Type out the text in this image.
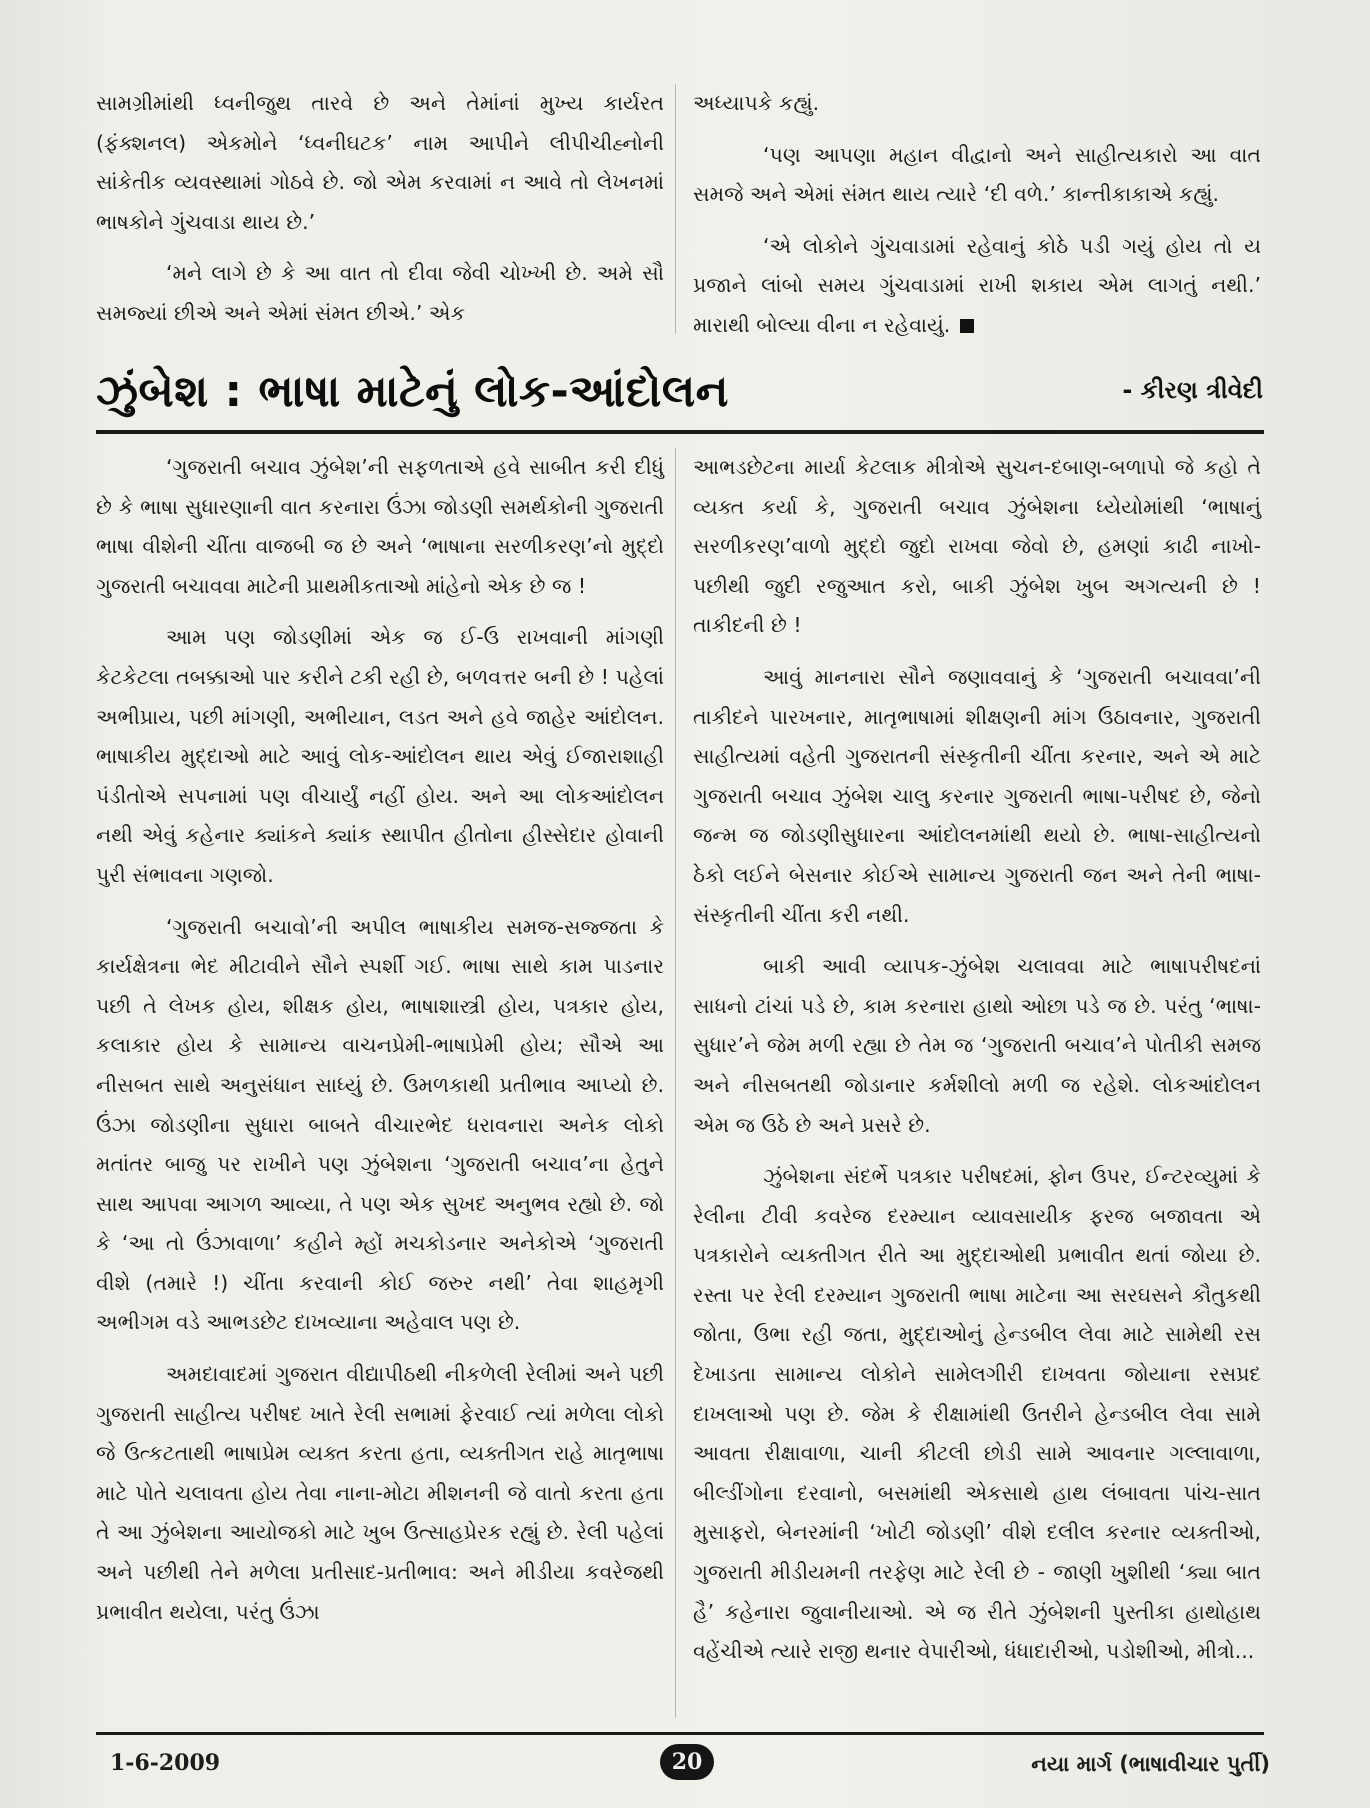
સામગ્રીમાંથી ધ્વનીજુથ તારવે છે અને તેમાંનાં મુખ્ય કાર્યરત (ફંક્શનલ) એકમોને ‘ધ્વનીઘટક’ નામ આપીને લીપીચીહ્નોની સાંકેતીક વ્યવસ્થામાં ગોઠવે છે. જો એમ કરવામાં ન આવે તો લેખનમાં ભાષકોને ગુંચવાડા થાય છે.’

‘મને લાગે છે કે આ વાત તો દીવા જેવી ચોખ્ખી છે. અમે સૌ સમજ્યાં છીએ અને એમાં સંમત છીએ.’ એક

અધ્યાપકે કહ્યું.

‘પણ આપણા મહાન વીદ્વાનો અને સાહીત્યકારો આ વાત સમજે અને એમાં સંમત થાય ત્યારે ‘દી વળે.’ કાન્તીકાકાએ કહ્યું.

‘એ લોકોને ગુંચવાડામાં રહેવાનું કોઠે પડી ગયું હોય તો ય પ્રજાને લાંબો સમય ગુંચવાડામાં રાખી શકાય એમ લાગતું નથી.’ મારાથી બોલ્યા વીના ન રહેવાયું.

ઝુંબેશ : ભાષા માટેનું લોક-આંદોલન	- કીરણ ત્રીવેદી

‘ગુજરાતી બચાવ ઝુંબેશ’ની સફળતાએ હવે સાબીત કરી દીધું છે કે ભાષા સુધારણાની વાત કરનારા ઉંઝા જોડણી સમર્થકોની ગુજરાતી ભાષા વીશેની ચીંતા વાજબી જ છે અને ‘ભાષાના સરળીકરણ’નો મુદ્દો ગુજરાતી બચાવવા માટેની પ્રાથમીકતાઓ માંહેનો એક છે જ !

આમ પણ જોડણીમાં એક જ ઈ-ઉ રાખવાની માંગણી કેટકેટલા તબક્કાઓ પાર કરીને ટકી રહી છે, બળવત્તર બની છે ! પહેલાં અભીપ્રાય, પછી માંગણી, અભીયાન, લડત અને હવે જાહેર આંદોલન. ભાષાકીય મુદ્દાઓ માટે આવું લોક-આંદોલન થાય એવું ઈજારાશાહી પંડીતોએ સપનામાં પણ વીચાર્યું નહીં હોય. અને આ લોકઆંદોલન નથી એવું કહેનાર ક્યાંકને ક્યાંક સ્થાપીત હીતોના હીસ્સેદાર હોવાની પુરી સંભાવના ગણજો.

‘ગુજરાતી બચાવો’ની અપીલ ભાષાકીય સમજ-સજ્જતા કે કાર્યક્ષેત્રના ભેદ મીટાવીને સૌને સ્પર્શી ગઈ. ભાષા સાથે કામ પાડનાર પછી તે લેખક હોય, શીક્ષક હોય, ભાષાશાસ્ત્રી હોય, પત્રકાર હોય, કલાકાર હોય કે સામાન્ય વાચનપ્રેમી-ભાષાપ્રેમી હોય; સૌએ આ નીસબત સાથે અનુસંધાન સાધ્યું છે. ઉમળકાથી પ્રતીભાવ આપ્યો છે. ઉંઝા જોડણીના સુધારા બાબતે વીચારભેદ ધરાવનારા અનેક લોકો મતાંતર બાજુ પર રાખીને પણ ઝુંબેશના ‘ગુજરાતી બચાવ’ના હેતુને સાથ આપવા આગળ આવ્યા, તે પણ એક સુખદ અનુભવ રહ્યો છે. જો કે ‘આ તો ઉંઝાવાળા’ કહીને મ્હોં મચકોડનાર અનેકોએ ‘ગુજરાતી વીશે (તમારે !) ચીંતા કરવાની કોઈ જરુર નથી’ તેવા શાહમૃગી અભીગમ વડે આભડછેટ દાખવ્યાના અહેવાલ પણ છે.

અમદાવાદમાં ગુજરાત વીદ્યાપીઠથી નીકળેલી રેલીમાં અને પછી ગુજરાતી સાહીત્ય પરીષદ ખાતે રેલી સભામાં ફેરવાઈ ત્યાં મળેલા લોકો જે ઉત્કટતાથી ભાષાપ્રેમ વ્યક્ત કરતા હતા, વ્યક્તીગત રાહે માતૃભાષા માટે પોતે ચલાવતા હોય તેવા નાના-મોટા મીશનની જે વાતો કરતા હતા તે આ ઝુંબેશના આયોજકો માટે ખુબ ઉત્સાહપ્રેરક રહ્યું છે. રેલી પહેલાં અને પછીથી તેને મળેલા પ્રતીસાદ-પ્રતીભાવ: અને મીડીયા કવરેજથી પ્રભાવીત થયેલા, પરંતુ ઉંઝા

આભડછેટના માર્યા કેટલાક મીત્રોએ સુચન-દબાણ-બળાપો જે કહો તે વ્યક્ત કર્યા કે, ગુજરાતી બચાવ ઝુંબેશના ધ્યેયોમાંથી ‘ભાષાનું સરળીકરણ’વાળો મુદ્દો જુદો રાખવા જેવો છે, હમણાં કાઢી નાખો-પછીથી જુદી રજુઆત કરો, બાકી ઝુંબેશ ખુબ અગત્યની છે ! તાકીદની છે !

આવું માનનારા સૌને જણાવવાનું કે ‘ગુજરાતી બચાવવા’ની તાકીદને પારખનાર, માતૃભાષામાં શીક્ષણની માંગ ઉઠાવનાર, ગુજરાતી સાહીત્યમાં વહેતી ગુજરાતની સંસ્કૃતીની ચીંતા કરનાર, અને એ માટે ગુજરાતી બચાવ ઝુંબેશ ચાલુ કરનાર ગુજરાતી ભાષા-પરીષદ છે, જેનો જન્મ જ જોડણીસુધારના આંદોલનમાંથી થયો છે. ભાષા-સાહીત્યનો ઠેકો લઈને બેસનાર કોઈએ સામાન્ય ગુજરાતી જન અને તેની ભાષા-સંસ્કૃતીની ચીંતા કરી નથી.

બાકી આવી વ્યાપક-ઝુંબેશ ચલાવવા માટે ભાષાપરીષદનાં સાધનો ટાંચાં પડે છે, કામ કરનારા હાથો ઓછા પડે જ છે. પરંતુ ‘ભાષા-સુધાર’ને જેમ મળી રહ્યા છે તેમ જ ‘ગુજરાતી બચાવ’ને પોતીકી સમજ અને નીસબતથી જોડાનાર કર્મશીલો મળી જ રહેશે. લોકઆંદોલન એમ જ ઉઠે છે અને પ્રસરે છે.

ઝુંબેશના સંદર્ભે પત્રકાર પરીષદમાં, ફોન ઉપર, ઈન્ટરવ્યુમાં કે રેલીના ટીવી કવરેજ દરમ્યાન વ્યાવસાયીક ફરજ બજાવતા એ પત્રકારોને વ્યક્તીગત રીતે આ મુદ્દાઓથી પ્રભાવીત થતાં જોયા છે. રસ્તા પર રેલી દરમ્યાન ગુજરાતી ભાષા માટેના આ સરઘસને કૌતુકથી જોતા, ઉભા રહી જતા, મુદ્દાઓનું હેન્ડબીલ લેવા માટે સામેથી રસ દેખાડતા સામાન્ય લોકોને સામેલગીરી દાખવતા જોયાના રસપ્રદ દાખલાઓ પણ છે. જેમ કે રીક્ષામાંથી ઉતરીને હેન્ડબીલ લેવા સામે આવતા રીક્ષાવાળા, ચાની કીટલી છોડી સામે આવનાર ગલ્લાવાળા, બીલ્ડીંગોના દરવાનો, બસમાંથી એકસાથે હાથ લંબાવતા પાંચ-સાત મુસાફરો, બેનરમાંની ‘ખોટી જોડણી’ વીશે દલીલ કરનાર વ્યક્તીઓ, ગુજરાતી મીડીયમની તરફેણ માટે રેલી છે - જાણી ખુશીથી ‘ક્યા બાત હૈ’ કહેનારા જુવાનીયાઓ. એ જ રીતે ઝુંબેશની પુસ્તીકા હાથોહાથ વહેંચીએ ત્યારે રાજી થનાર વેપારીઓ, ધંધાદારીઓ, પડોશીઓ, મીત્રો...

1-6-2009	20	નયા માર્ગ (ભાષાવીચાર પુર્તી)
